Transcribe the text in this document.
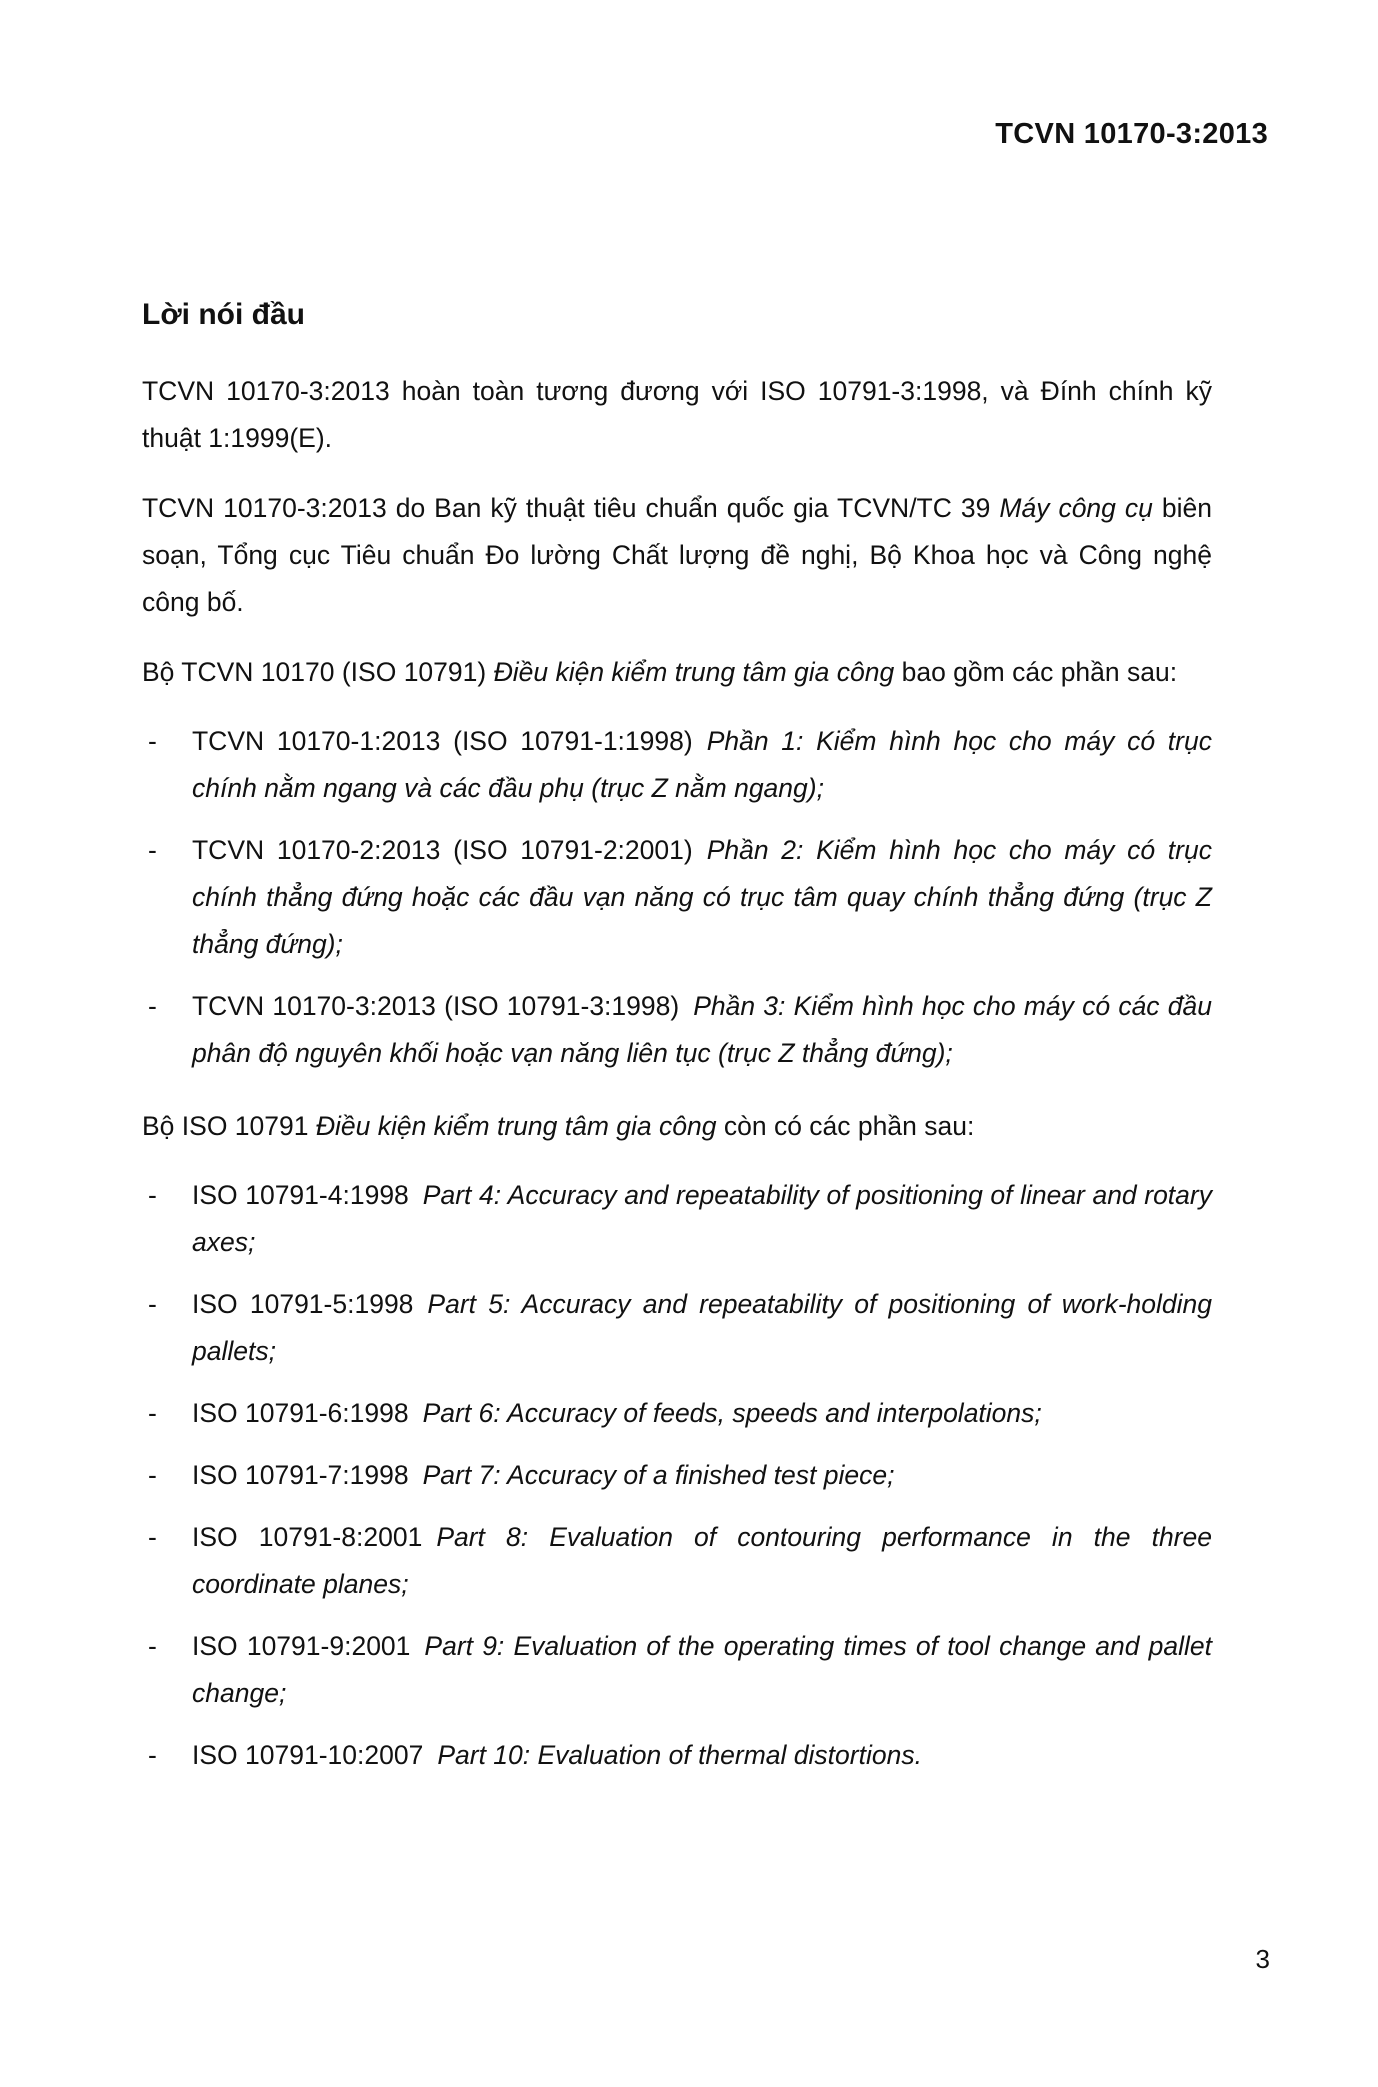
TCVN 10170-3:2013
Lời nói đầu

TCVN 10170-3:2013 hoàn toàn tương đương với ISO 10791-3:1998, và Đính chính kỹ thuật 1:1999(E).

TCVN 10170-3:2013 do Ban kỹ thuật tiêu chuẩn quốc gia TCVN/TC 39 Máy công cụ biên soạn, Tổng cục Tiêu chuẩn Đo lường Chất lượng đề nghị, Bộ Khoa học và Công nghệ công bố.

Bộ TCVN 10170 (ISO 10791) Điều kiện kiểm trung tâm gia công bao gồm các phần sau:

- TCVN 10170-1:2013 (ISO 10791-1:1998) Phần 1: Kiểm hình học cho máy có trục chính nằm ngang và các đầu phụ (trục Z nằm ngang);
- TCVN 10170-2:2013 (ISO 10791-2:2001) Phần 2: Kiểm hình học cho máy có trục chính thẳng đứng hoặc các đầu vạn năng có trục tâm quay chính thẳng đứng (trục Z thẳng đứng);
- TCVN 10170-3:2013 (ISO 10791-3:1998) Phần 3: Kiểm hình học cho máy có các đầu phân độ nguyên khối hoặc vạn năng liên tục (trục Z thẳng đứng);

Bộ ISO 10791 Điều kiện kiểm trung tâm gia công còn có các phần sau:

- ISO 10791-4:1998 Part 4: Accuracy and repeatability of positioning of linear and rotary axes;
- ISO 10791-5:1998 Part 5: Accuracy and repeatability of positioning of work-holding pallets;
- ISO 10791-6:1998 Part 6: Accuracy of feeds, speeds and interpolations;
- ISO 10791-7:1998 Part 7: Accuracy of a finished test piece;
- ISO 10791-8:2001 Part 8: Evaluation of contouring performance in the three coordinate planes;
- ISO 10791-9:2001 Part 9: Evaluation of the operating times of tool change and pallet change;
- ISO 10791-10:2007 Part 10: Evaluation of thermal distortions.
3
